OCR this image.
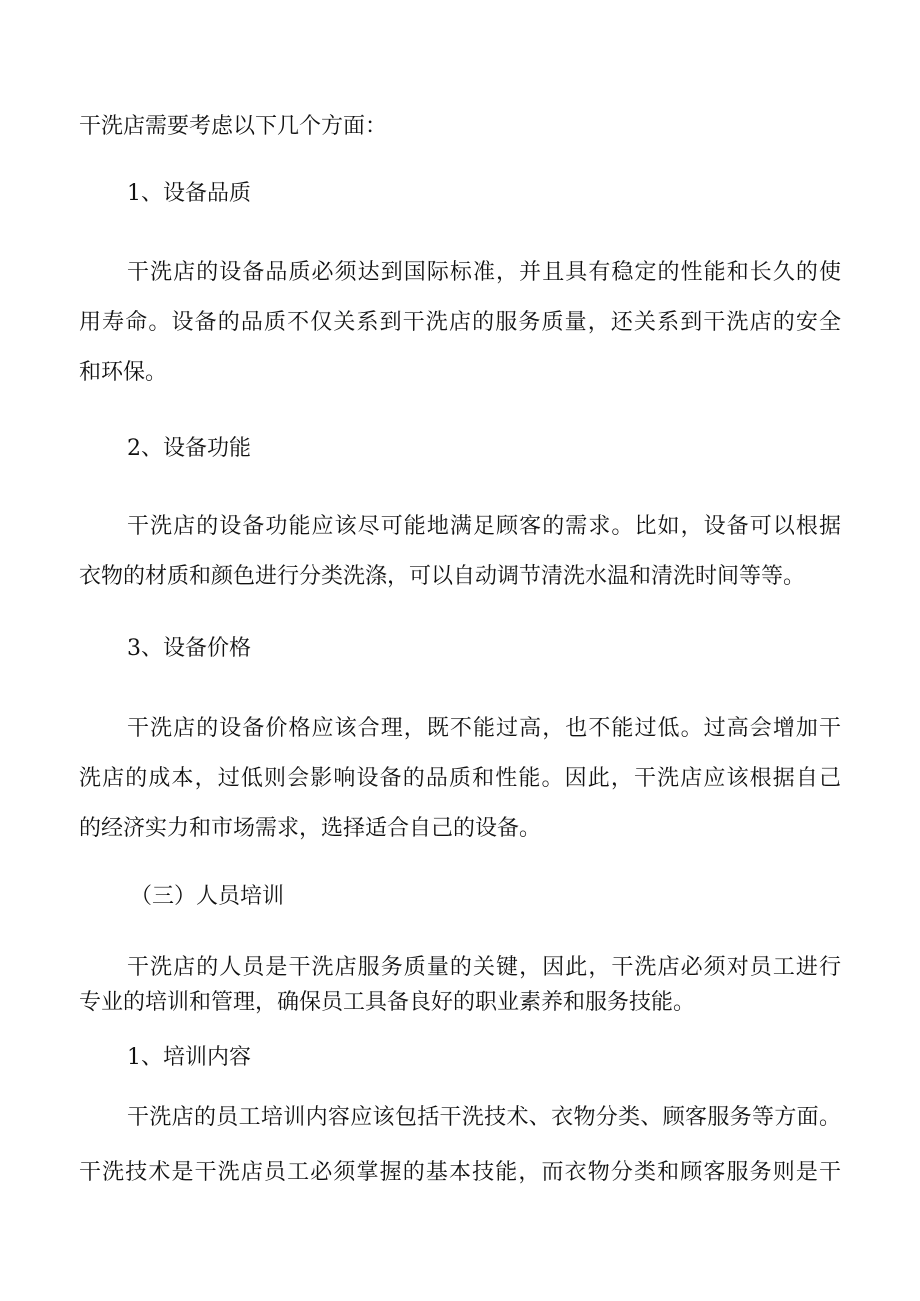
干洗店需要考虑以下几个方面：
1、设备品质
干洗店的设备品质必须达到国际标准，并且具有稳定的性能和长久的使
用寿命。设备的品质不仅关系到干洗店的服务质量，还关系到干洗店的安全
和环保。
2、设备功能
干洗店的设备功能应该尽可能地满足顾客的需求。比如，设备可以根据
衣物的材质和颜色进行分类洗涤，可以自动调节清洗水温和清洗时间等等。
3、设备价格
干洗店的设备价格应该合理，既不能过高，也不能过低。过高会增加干
洗店的成本，过低则会影响设备的品质和性能。因此，干洗店应该根据自己
的经济实力和市场需求，选择适合自己的设备。
（三）人员培训
干洗店的人员是干洗店服务质量的关键，因此，干洗店必须对员工进行
专业的培训和管理，确保员工具备良好的职业素养和服务技能。
1、培训内容
干洗店的员工培训内容应该包括干洗技术、衣物分类、顾客服务等方面。
干洗技术是干洗店员工必须掌握的基本技能，而衣物分类和顾客服务则是干
